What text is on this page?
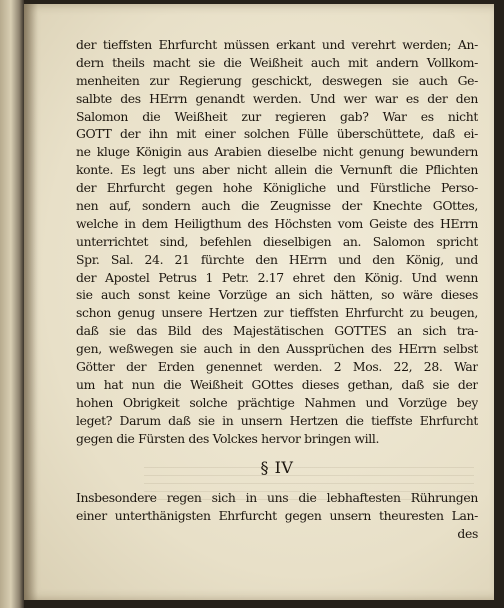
der tieffsten Ehrfurcht müssen erkant und verehrt werden; An-
dern theils macht sie die Weißheit auch mit andern Vollkom-
menheiten zur Regierung geschickt, deswegen sie auch Ge-
salbte des HErrn genandt werden. Und wer war es der den
Salomon die Weißheit zur regieren gab? War es nicht
GOTT der ihn mit einer solchen Fülle überschüttete, daß ei-
ne kluge Königin aus Arabien dieselbe nicht genung bewundern
konte. Es legt uns aber nicht allein die Vernunft die Pflichten
der Ehrfurcht gegen hohe Königliche und Fürstliche Perso-
nen auf, sondern auch die Zeugnisse der Knechte GOttes,
welche in dem Heiligthum des Höchsten vom Geiste des HErrn
unterrichtet sind, befehlen dieselbigen an. Salomon spricht
Spr. Sal. 24. 21 fürchte den HErrn und den König, und
der Apostel Petrus 1 Petr. 2.17 ehret den König. Und wenn
sie auch sonst keine Vorzüge an sich hätten, so wäre dieses
schon genug unsere Hertzen zur tieffsten Ehrfurcht zu beugen,
daß sie das Bild des Majestätischen GOTTES an sich tra-
gen, weßwegen sie auch in den Aussprüchen des HErrn selbst
Götter der Erden genennet werden. 2 Mos. 22, 28. War
um hat nun die Weißheit GOttes dieses gethan, daß sie der
hohen Obrigkeit solche prächtige Nahmen und Vorzüge bey
leget? Darum daß sie in unsern Hertzen die tieffste Ehrfurcht
gegen die Fürsten des Volckes hervor bringen will.
§ IV
Insbesondere regen sich in uns die lebhaftesten Rührungen
einer unterthänigsten Ehrfurcht gegen unsern theuresten Lan-
des
